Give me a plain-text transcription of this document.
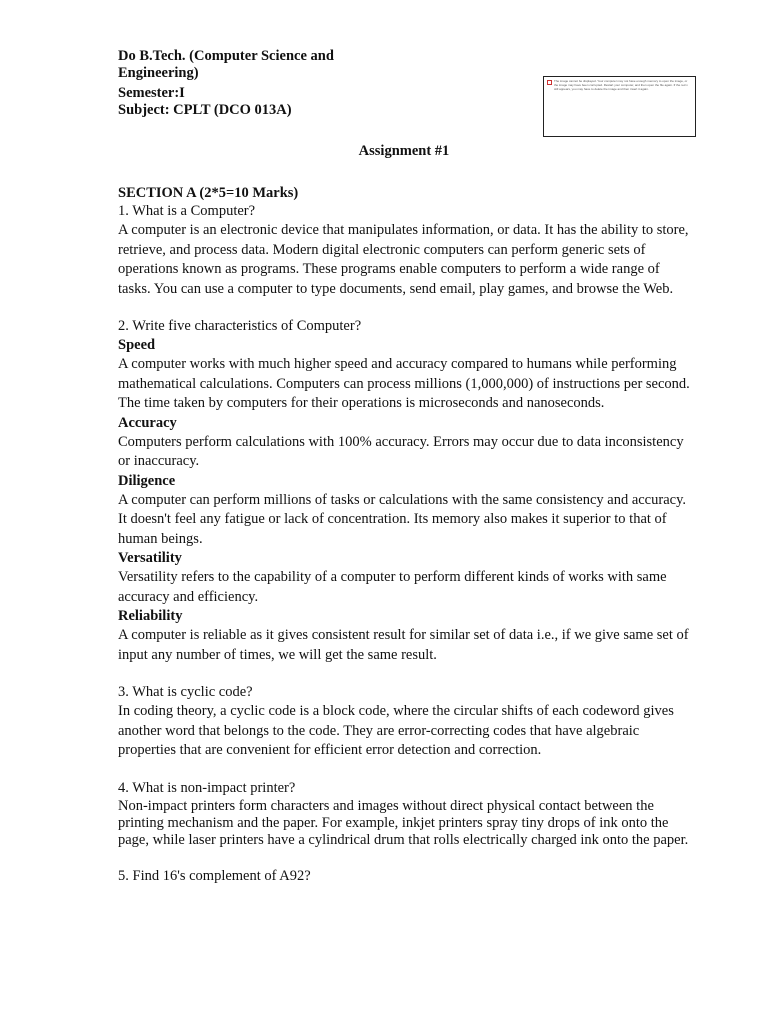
The image cannot be displayed. Your computer may not have enough memory to open the image, or the image may have been corrupted. Restart your computer, and then open the file again. If the red x still appears, you may have to delete the image and then insert it again.
Do B.Tech. (Computer Science and
Engineering)
Semester:I
Subject: CPLT (DCO 013A)
Assignment #1
SECTION A (2*5=10 Marks)

1. What is a Computer?

A computer is an electronic device that manipulates information, or data. It has the ability to store, retrieve, and process data. Modern digital electronic computers can perform generic sets of operations known as programs. These programs enable computers to perform a wide range of tasks. You can use a computer to type documents, send email, play games, and browse the Web.

2. Write five characteristics of Computer?

Speed

A computer works with much higher speed and accuracy compared to humans while performing mathematical calculations. Computers can process millions (1,000,000) of instructions per second. The time taken by computers for their operations is microseconds and nanoseconds.

Accuracy

Computers perform calculations with 100% accuracy. Errors may occur due to data inconsistency or inaccuracy.

Diligence

A computer can perform millions of tasks or calculations with the same consistency and accuracy. It doesn't feel any fatigue or lack of concentration. Its memory also makes it superior to that of human beings.

Versatility

Versatility refers to the capability of a computer to perform different kinds of works with same accuracy and efficiency.

Reliability

A computer is reliable as it gives consistent result for similar set of data i.e., if we give same set of input any number of times, we will get the same result.

3. What is cyclic code?

In coding theory, a cyclic code is a block code, where the circular shifts of each codeword gives another word that belongs to the code. They are error-correcting codes that have algebraic properties that are convenient for efficient error detection and correction.

4. What is non-impact printer?

Non-impact printers form characters and images without direct physical contact between the printing mechanism and the paper. For example, inkjet printers spray tiny drops of ink onto the page, while laser printers have a cylindrical drum that rolls electrically charged ink onto the paper.

5. Find 16's complement of A92?
